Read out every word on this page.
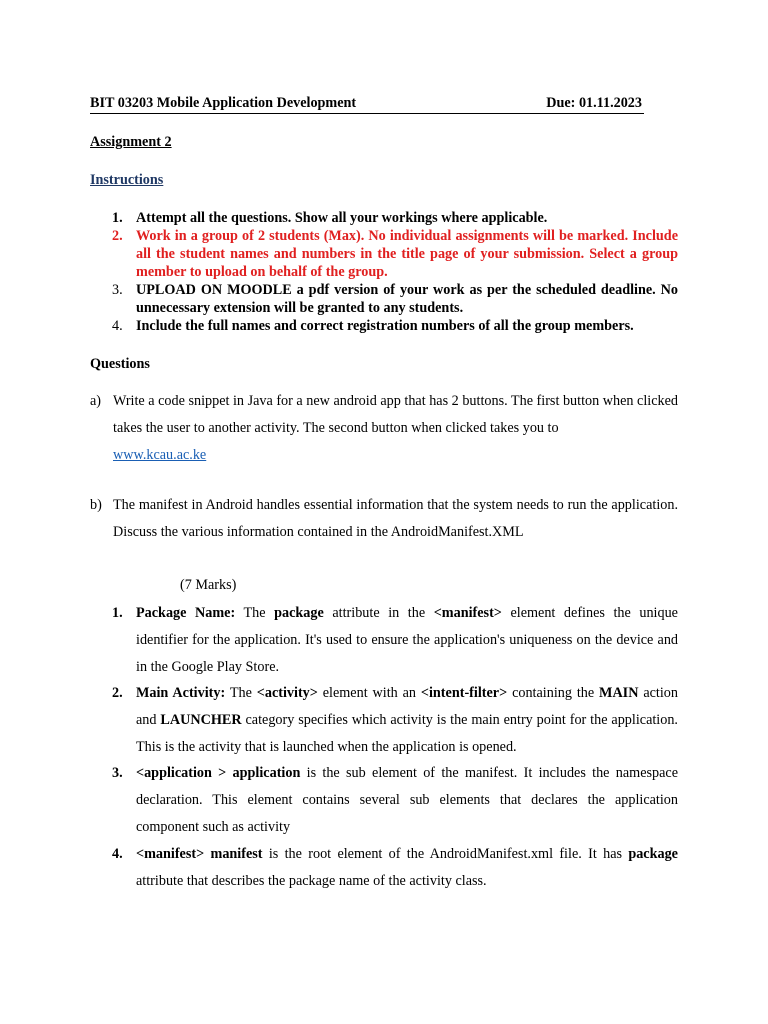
BIT 03203 Mobile Application Development	Due: 01.11.2023
Assignment 2
Instructions
1. Attempt all the questions. Show all your workings where applicable.
2. Work in a group of 2 students (Max). No individual assignments will be marked. Include all the student names and numbers in the title page of your submission. Select a group member to upload on behalf of the group.
3. UPLOAD ON MOODLE a pdf version of your work as per the scheduled deadline. No unnecessary extension will be granted to any students.
4. Include the full names and correct registration numbers of all the group members.
Questions
a) Write a code snippet in Java for a new android app that has 2 buttons. The first button when clicked takes the user to another activity. The second button when clicked takes you to
www.kcau.ac.ke
b) The manifest in Android handles essential information that the system needs to run the application. Discuss the various information contained in the AndroidManifest.XML
(7 Marks)
1. Package Name: The package attribute in the <manifest> element defines the unique identifier for the application. It's used to ensure the application's uniqueness on the device and in the Google Play Store.
2. Main Activity: The <activity> element with an <intent-filter> containing the MAIN action and LAUNCHER category specifies which activity is the main entry point for the application. This is the activity that is launched when the application is opened.
3. <application > application is the sub element of the manifest. It includes the namespace declaration. This element contains several sub elements that declares the application component such as activity
4. <manifest> manifest is the root element of the AndroidManifest.xml file. It has package attribute that describes the package name of the activity class.
